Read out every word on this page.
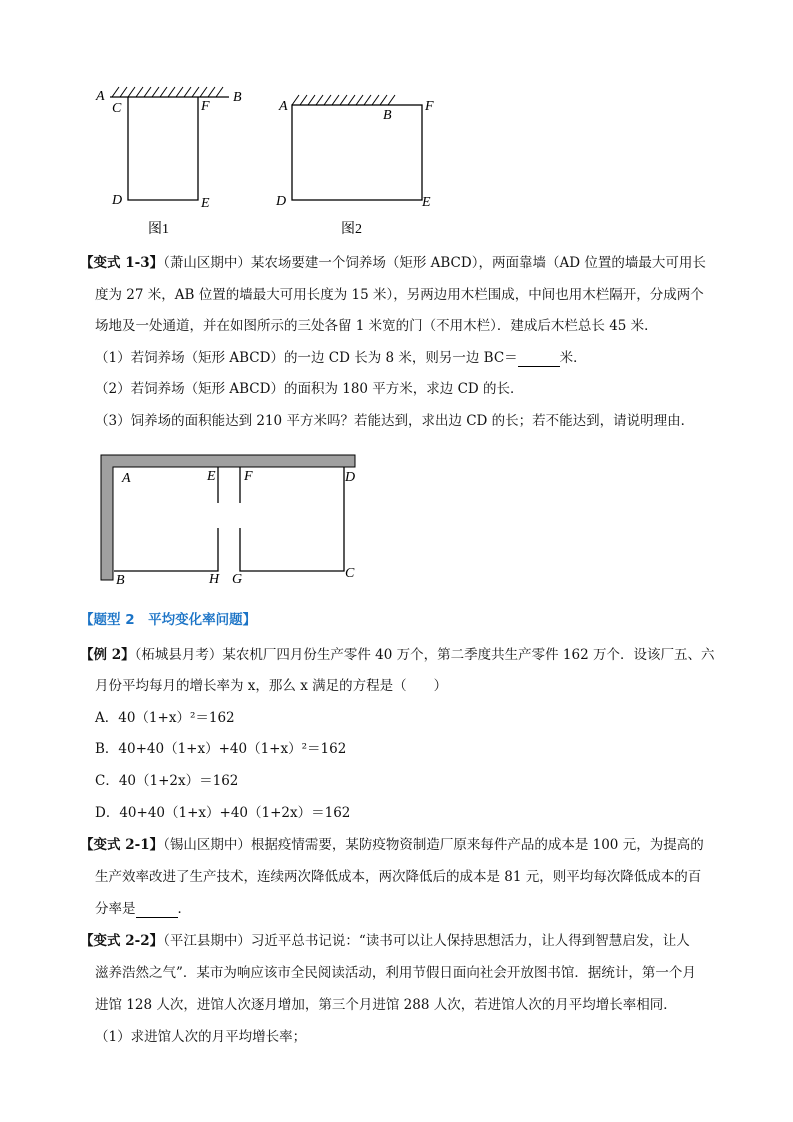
A	B
C	F
D	E
图1
A
B
F
D	E
图2
A	E F	D
B	H G	C
【变式 1-3】（萧山区期中）某农场要建一个饲养场（矩形 ABCD），两面靠墙（AD 位置的墙最大可用长
度为 27 米，AB 位置的墙最大可用长度为 15 米），另两边用木栏围成，中间也用木栏隔开，分成两个
场地及一处通道，并在如图所示的三处各留 1 米宽的门（不用木栏）．建成后木栏总长 45 米．
（1）若饲养场（矩形 ABCD）的一边 CD 长为 8 米，则另一边 BC＝	米．
（2）若饲养场（矩形 ABCD）的面积为 180 平方米，求边 CD 的长．
（3）饲养场的面积能达到 210 平方米吗？若能达到，求出边 CD 的长；若不能达到，请说明理由．
【题型 2　平均变化率问题】
【例 2】（柘城县月考）某农机厂四月份生产零件 40 万个，第二季度共生产零件 162 万个．设该厂五、六
月份平均每月的增长率为 x，那么 x 满足的方程是（　　）
A．40（1+x）²＝162
B．40+40（1+x）+40（1+x）²＝162
C．40（1+2x）＝162
D．40+40（1+x）+40（1+2x）＝162
【变式 2-1】（锡山区期中）根据疫情需要，某防疫物资制造厂原来每件产品的成本是 100 元，为提高的
生产效率改进了生产技术，连续两次降低成本，两次降低后的成本是 81 元，则平均每次降低成本的百
分率是	．
【变式 2-2】（平江县期中）习近平总书记说：“读书可以让人保持思想活力，让人得到智慧启发，让人
滋养浩然之气”．某市为响应该市全民阅读活动，利用节假日面向社会开放图书馆．据统计，第一个月
进馆 128 人次，进馆人次逐月增加，第三个月进馆 288 人次，若进馆人次的月平均增长率相同．
（1）求进馆人次的月平均增长率；
